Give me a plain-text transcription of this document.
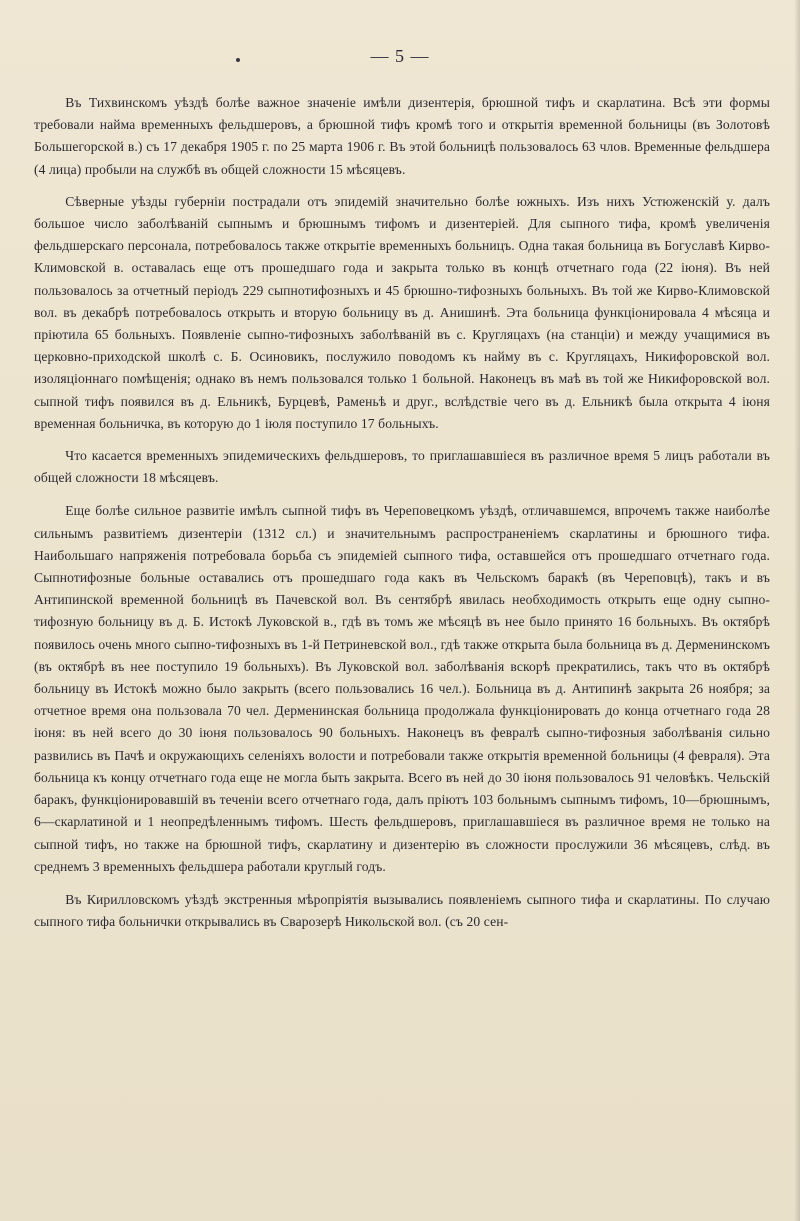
— 5 —

Въ Тихвинскомъ уѣздѣ болѣе важное значеніе имѣли дизентерія, брюшной тифъ и скарлатина. Всѣ эти формы требовали найма временныхъ фельдшеровъ, а брюшной тифъ кромѣ того и открытія временной больницы (въ Золотовѣ Большегорской в.) съ 17 декабря 1905 г. по 25 марта 1906 г. Въ этой больницѣ пользовалось 63 члов. Временные фельдшера (4 лица) пробыли на службѣ въ общей сложности 15 мѣсяцевъ.

Сѣверные уѣзды губерніи пострадали отъ эпидемій значительно болѣе южныхъ. Изъ нихъ Устюженскій у. далъ большое число заболѣваній сыпнымъ и брюшнымъ тифомъ и дизентеріей. Для сыпного тифа, кромѣ увеличенія фельдшерскаго персонала, потребовалось также открытіе временныхъ больницъ. Одна такая больница въ Богуславѣ Кирво-Климовской в. оставалась еще отъ прошедшаго года и закрыта только въ концѣ отчетнаго года (22 іюня). Въ ней пользовалось за отчетный періодъ 229 сыпнотифозныхъ и 45 брюшно-тифозныхъ больныхъ. Въ той же Кирво-Климовской вол. въ декабрѣ потребовалось открыть и вторую больницу въ д. Анишинѣ. Эта больница функціонировала 4 мѣсяца и пріютила 65 больныхъ. Появленіе сыпно-тифозныхъ заболѣваній въ с. Кругляцахъ (на станціи) и между учащимися въ церковно-приходской школѣ с. Б. Осиновикъ, послужило поводомъ къ найму въ с. Кругляцахъ, Никифоровской вол. изоляціоннаго помѣщенія; однако въ немъ пользовался только 1 больной. Наконецъ въ маѣ въ той же Никифоровской вол. сыпной тифъ появился въ д. Ельникѣ, Бурцевѣ, Раменьѣ и друг., вслѣдствіе чего въ д. Ельникѣ была открыта 4 іюня временная больничка, въ которую до 1 іюля поступило 17 больныхъ.

Что касается временныхъ эпидемическихъ фельдшеровъ, то приглашавшіеся въ различное время 5 лицъ работали въ общей сложности 18 мѣсяцевъ.

Еще болѣе сильное развитіе имѣлъ сыпной тифъ въ Череповецкомъ уѣздѣ, отличавшемся, впрочемъ также наиболѣе сильнымъ развитіемъ дизентеріи (1312 сл.) и значительнымъ распространеніемъ скарлатины и брюшного тифа. Наибольшаго напряженія потребовала борьба съ эпидеміей сыпного тифа, оставшейся отъ прошедшаго отчетнаго года. Сыпнотифозные больные оставались отъ прошедшаго года какъ въ Чельскомъ баракѣ (въ Череповцѣ), такъ и въ Антипинской временной больницѣ въ Пачевской вол. Въ сентябрѣ явилась необходимость открыть еще одну сыпно-тифозную больницу въ д. Б. Истокѣ Луковской в., гдѣ въ томъ же мѣсяцѣ въ нее было принято 16 больныхъ. Въ октябрѣ появилось очень много сыпно-тифозныхъ въ 1-й Петринeвской вол., гдѣ также открыта была больница въ д. Дерменинскомъ (въ октябрѣ въ нее поступило 19 больныхъ). Въ Луковской вол. заболѣванія вскорѣ прекратились, такъ что въ октябрѣ больницу въ Истокѣ можно было закрыть (всего пользовались 16 чел.). Больница въ д. Антипинѣ закрыта 26 ноября; за отчетное время она пользовала 70 чел. Дерменинская больница продолжала функціонировать до конца отчетнаго года 28 іюня: въ ней всего до 30 іюня пользовалось 90 больныхъ. Наконецъ въ февралѣ сыпно-тифозныя заболѣванія сильно развились въ Пачѣ и окружающихъ селеніяхъ волости и потребовали также открытія временной больницы (4 февраля). Эта больница къ концу отчетнаго года еще не могла быть закрыта. Всего въ ней до 30 іюня пользовалось 91 человѣкъ. Чельскій баракъ, функціонировавшій въ теченіи всего отчетнаго года, далъ пріютъ 103 больнымъ сыпнымъ тифомъ, 10—брюшнымъ, 6—скарлатиной и 1 неопредѣленнымъ тифомъ. Шесть фельдшеровъ, приглашавшіеся въ различное время не только на сыпной тифъ, но также на брюшной тифъ, скарлатину и дизентерію въ сложности прослужили 36 мѣсяцевъ, слѣд. въ среднемъ 3 временныхъ фельдшера работали круглый годъ.

Въ Кирилловскомъ уѣздѣ экстренныя мѣропріятія вызывались появленіемъ сыпного тифа и скарлатины. По случаю сыпного тифа больнички открывались въ Сварозерѣ Никольской вол. (съ 20 сен-
